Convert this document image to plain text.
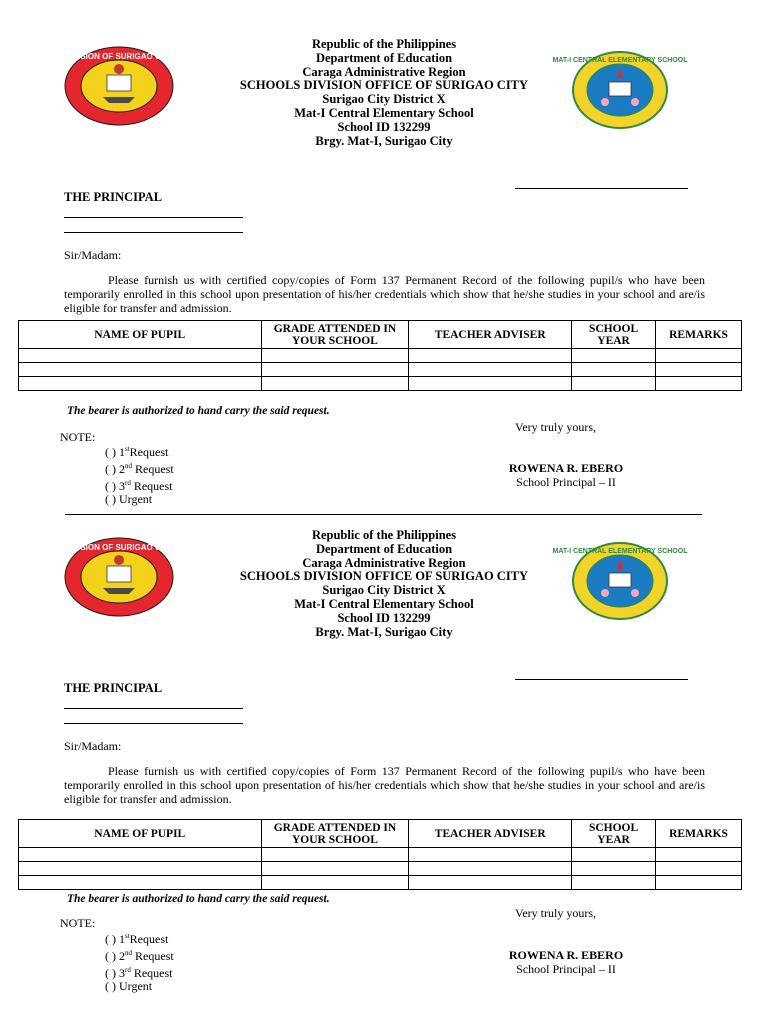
DIVISION OF SURIGAO CITY
Republic of the Philippines
Department of Education
Caraga Administrative Region
SCHOOLS DIVISION OFFICE OF SURIGAO CITY
Surigao City District X
Mat-I Central Elementary School
School ID 132299
Brgy. Mat-I, Surigao City
MAT-I CENTRAL ELEMENTARY SCHOOL
THE PRINCIPAL
Sir/Madam:
Please furnish us with certified copy/copies of Form 137 Permanent Record of the following pupil/s who have been temporarily enrolled in this school upon presentation of his/her credentials which show that he/she studies in your school and are/is eligible for transfer and admission.
NAME OF PUPIL	GRADE ATTENDED IN YOUR SCHOOL	TEACHER ADVISER	SCHOOL YEAR	REMARKS

The bearer is authorized to hand carry the said request.
NOTE:
( ) 1stRequest
( ) 2nd Request
( ) 3rd Request
( ) Urgent
Very truly yours,
ROWENA R. EBERO
School Principal – II
DIVISION OF SURIGAO CITY
Republic of the Philippines
Department of Education
Caraga Administrative Region
SCHOOLS DIVISION OFFICE OF SURIGAO CITY
Surigao City District X
Mat-I Central Elementary School
School ID 132299
Brgy. Mat-I, Surigao City
MAT-I CENTRAL ELEMENTARY SCHOOL
THE PRINCIPAL
Sir/Madam:
Please furnish us with certified copy/copies of Form 137 Permanent Record of the following pupil/s who have been temporarily enrolled in this school upon presentation of his/her credentials which show that he/she studies in your school and are/is eligible for transfer and admission.
NAME OF PUPIL	GRADE ATTENDED IN YOUR SCHOOL	TEACHER ADVISER	SCHOOL YEAR	REMARKS

The bearer is authorized to hand carry the said request.
NOTE:
( ) 1stRequest
( ) 2nd Request
( ) 3rd Request
( ) Urgent
Very truly yours,
ROWENA R. EBERO
School Principal – II
